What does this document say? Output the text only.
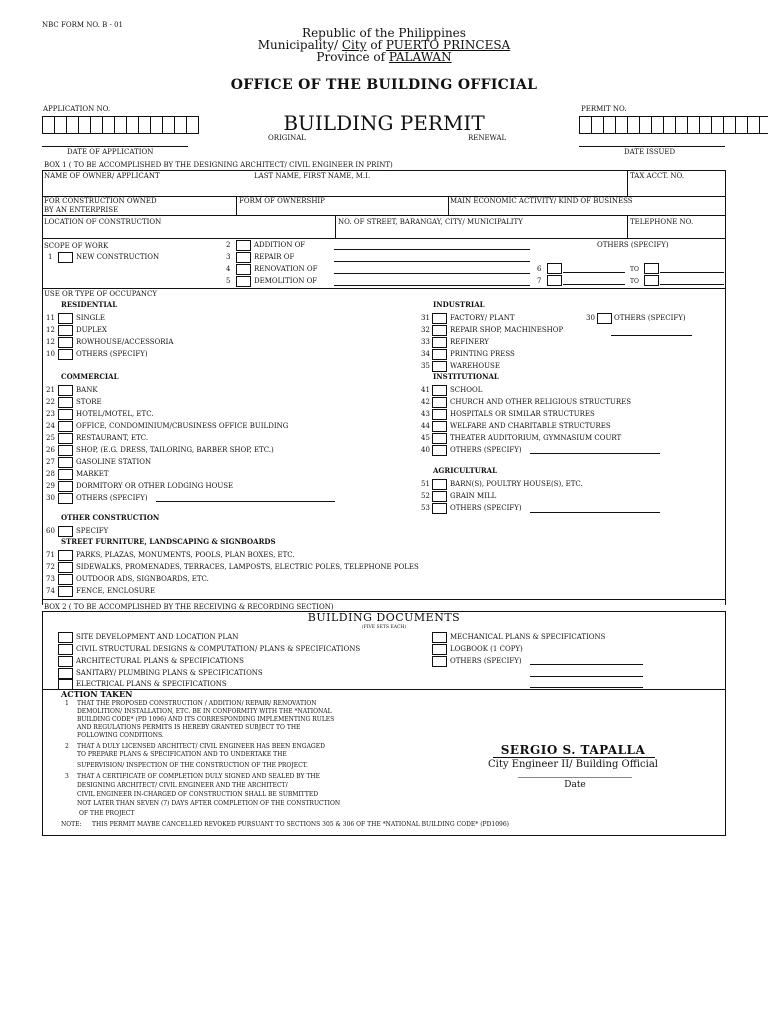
NBC FORM NO. B - 01
Republic of the Philippines
Municipality/ City of PUERTO PRINCESA
Province of PALAWAN
OFFICE OF THE BUILDING OFFICIAL
APPLICATION NO.	PERMIT NO.
BUILDING PERMIT
ORIGINAL	RENEWAL
DATE OF APPLICATION	DATE ISSUED
BOX 1 ( TO BE ACCOMPLISHED BY THE DESIGNING ARCHITECT/ CIVIL ENGINEER IN PRINT)
NAME OF OWNER/ APPLICANT	LAST NAME, FIRST NAME, M.I.	TAX ACCT. NO.
FOR CONSTRUCTION OWNED
BY AN ENTERPRISE
FORM OF OWNERSHIP	MAIN ECONOMIC ACTIVITY/ KIND OF BUSINESS
LOCATION OF CONSTRUCTION	NO. OF STREET, BARANGAY, CITY/ MUNICIPALITY	TELEPHONE NO.
SCOPE OF WORK	OTHERS (SPECIFY)
1	NEW CONSTRUCTION
2	ADDITION OF
3	REPAIR OF
4	RENOVATION OF
5	DEMOLITION OF
6	TO
7	TO
USE OR TYPE OF OCCUPANCY
RESIDENTIAL	INDUSTRIAL
11	SINGLE
12	DUPLEX
12	ROWHOUSE/ACCESSORIA
10	OTHERS (SPECIFY)
31	FACTORY/ PLANT
32	REPAIR SHOP, MACHINESHOP
33	REFINERY
34	PRINTING PRESS
35	WAREHOUSE
30	OTHERS (SPECIFY)
COMMERCIAL	INSTITUTIONAL
21	BANK
22	STORE
23	HOTEL/MOTEL, ETC.
24	OFFICE, CONDOMINIUM/CBUSINESS OFFICE BUILDING
25	RESTAURANT, ETC.
26	SHOP, (E.G. DRESS, TAILORING, BARBER SHOP, ETC.)
27	GASOLINE STATION
28	MARKET
29	DORMITORY OR OTHER LODGING HOUSE
30	OTHERS (SPECIFY)
41	SCHOOL
42	CHURCH AND OTHER RELIGIOUS STRUCTURES
43	HOSPITALS OR SIMILAR STRUCTURES
44	WELFARE AND CHARITABLE STRUCTURES
45	THEATER AUDITORIUM, GYMNASIUM COURT
40	OTHERS (SPECIFY)
AGRICULTURAL
51	BARN(S), POULTRY HOUSE(S), ETC.
52	GRAIN MILL
53	OTHERS (SPECIFY)
OTHER CONSTRUCTION
60	SPECIFY
STREET FURNITURE, LANDSCAPING & SIGNBOARDS
71	PARKS, PLAZAS, MONUMENTS, POOLS, PLAN BOXES, ETC.
72	SIDEWALKS, PROMENADES, TERRACES, LAMPOSTS, ELECTRIC POLES, TELEPHONE POLES
73	OUTDOOR ADS, SIGNBOARDS, ETC.
74	FENCE, ENCLOSURE
BOX 2 ( TO BE ACCOMPLISHED BY THE RECEIVING & RECORDING SECTION)
BUILDING DOCUMENTS
(FIVE SETS EACH)
SITE DEVELOPMENT AND LOCATION PLAN
CIVIL STRUCTURAL DESIGNS & COMPUTATION/ PLANS & SPECIFICATIONS
ARCHITECTURAL PLANS & SPECIFICATIONS
SANITARY/ PLUMBING PLANS & SPECIFICATIONS
ELECTRICAL PLANS & SPECIFICATIONS
MECHANICAL PLANS & SPECIFICATIONS
LOGBOOK (1 COPY)
OTHERS (SPECIFY)
ACTION TAKEN
1 THAT THE PROPOSED CONSTRUCTION / ADDITION/ REPAIR/ RENOVATION
DEMOLITION/ INSTALLATION, ETC. BE IN CONFORMITY WITH THE *NATIONAL
BUILDING CODE* (PD 1096) AND ITS CORRESPONDING IMPLEMENTING RULES
AND REGULATIONS PERMITS IS HEREBY GRANTED SUBJECT TO THE
FOLLOWING CONDITIONS.
2 THAT A DULY LICENSED ARCHITECT/ CIVIL ENGINEER HAS BEEN ENGAGED
TO PREPARE PLANS & SPECIFICATION AND TO UNDERTAKE THE
SUPERVISION/ INSPECTION OF THE CONSTRUCTION OF THE PROJECT.
3 THAT A CERTIFICATE OF COMPLETION DULY SIGNED AND SEALED BY THE
DESIGNING ARCHITECT/ CIVIL ENGINEER AND THE ARCHITECT/
CIVIL ENGINEER IN-CHARGED OF CONSTRUCTION SHALL BE SUBMITTED
NOT LATER THAN SEVEN (7) DAYS AFTER COMPLETION OF THE CONSTRUCTION
OF THE PROJECT
NOTE: THIS PERMIT MAYBE CANCELLED REVOKED PURSUANT TO SECTIONS 305 & 306 OF THE *NATIONAL BUILDING CODE* (PD1096)
SERGIO S. TAPALLA
City Engineer II/ Building Official
Date
